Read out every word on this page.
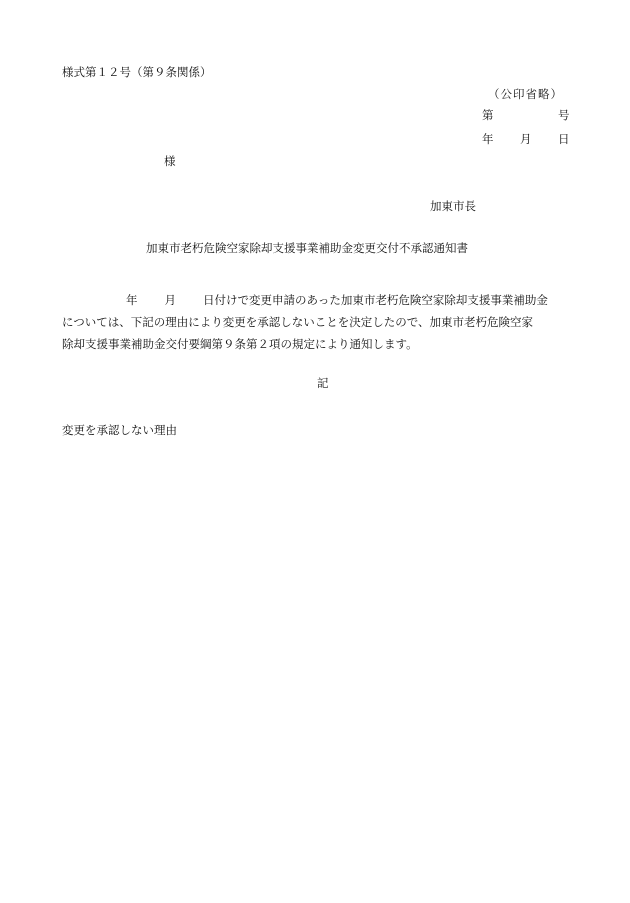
様式第１２号（第９条関係）
（公印省略）
第	号
年 月 日
様
加東市長
加東市老朽危険空家除却支援事業補助金変更交付不承認通知書
年 月 日付けで変更申請のあった加東市老朽危険空家除却支援事業補助金
については、下記の理由により変更を承認しないことを決定したので、加東市老朽危険空家
除却支援事業補助金交付要綱第９条第２項の規定により通知します。
記
変更を承認しない理由
